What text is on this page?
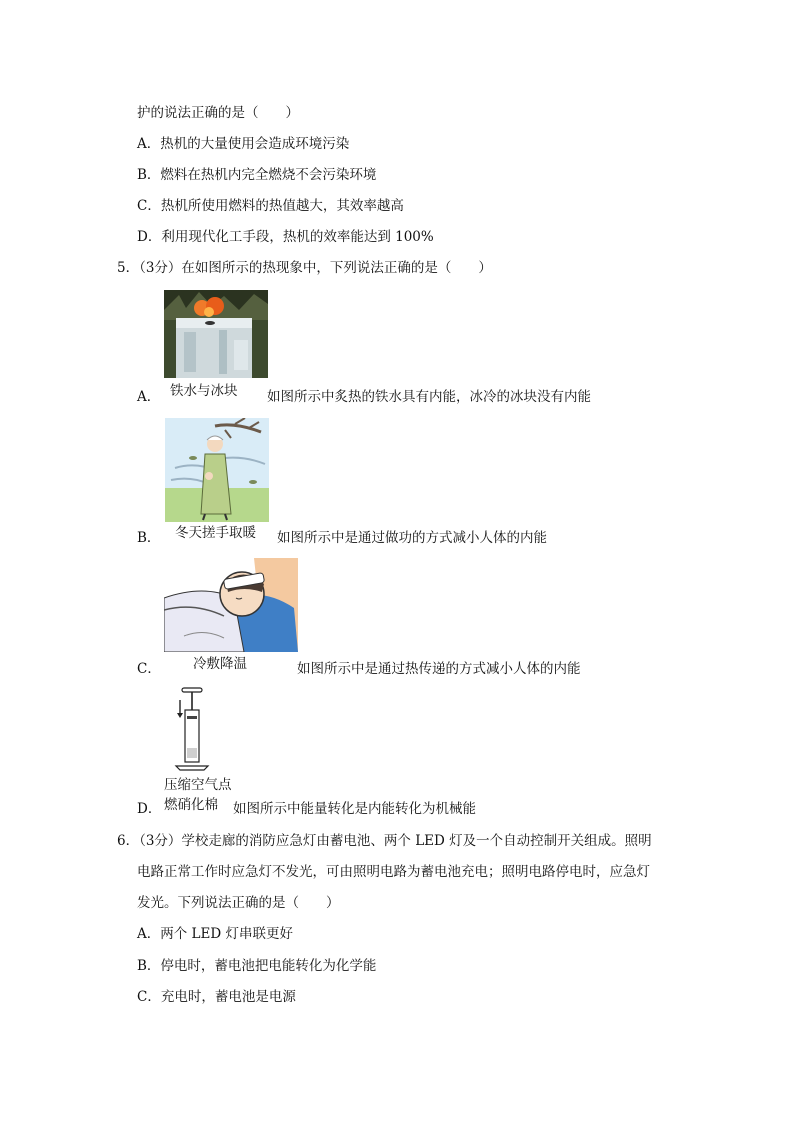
护的说法正确的是（　　）
A．热机的大量使用会造成环境污染
B．燃料在热机内完全燃烧不会污染环境
C．热机所使用燃料的热值越大，其效率越高
D．利用现代化工手段，热机的效率能达到 100%
5．（3分）在如图所示的热现象中，下列说法正确的是（　　）
A． 铁水与冰块 如图所示中炙热的铁水具有内能，冰冷的冰块没有内能
B． 冬天搓手取暖 如图所示中是通过做功的方式减小人体的内能
C． 冷敷降温	如图所示中是通过热传递的方式减小人体的内能
压缩空气点
D． 燃硝化棉 如图所示中能量转化是内能转化为机械能
6．（3分）学校走廊的消防应急灯由蓄电池、两个 LED 灯及一个自动控制开关组成。照明
电路正常工作时应急灯不发光，可由照明电路为蓄电池充电；照明电路停电时，应急灯
发光。下列说法正确的是（　　）
A．两个 LED 灯串联更好
B．停电时，蓄电池把电能转化为化学能
C．充电时，蓄电池是电源
